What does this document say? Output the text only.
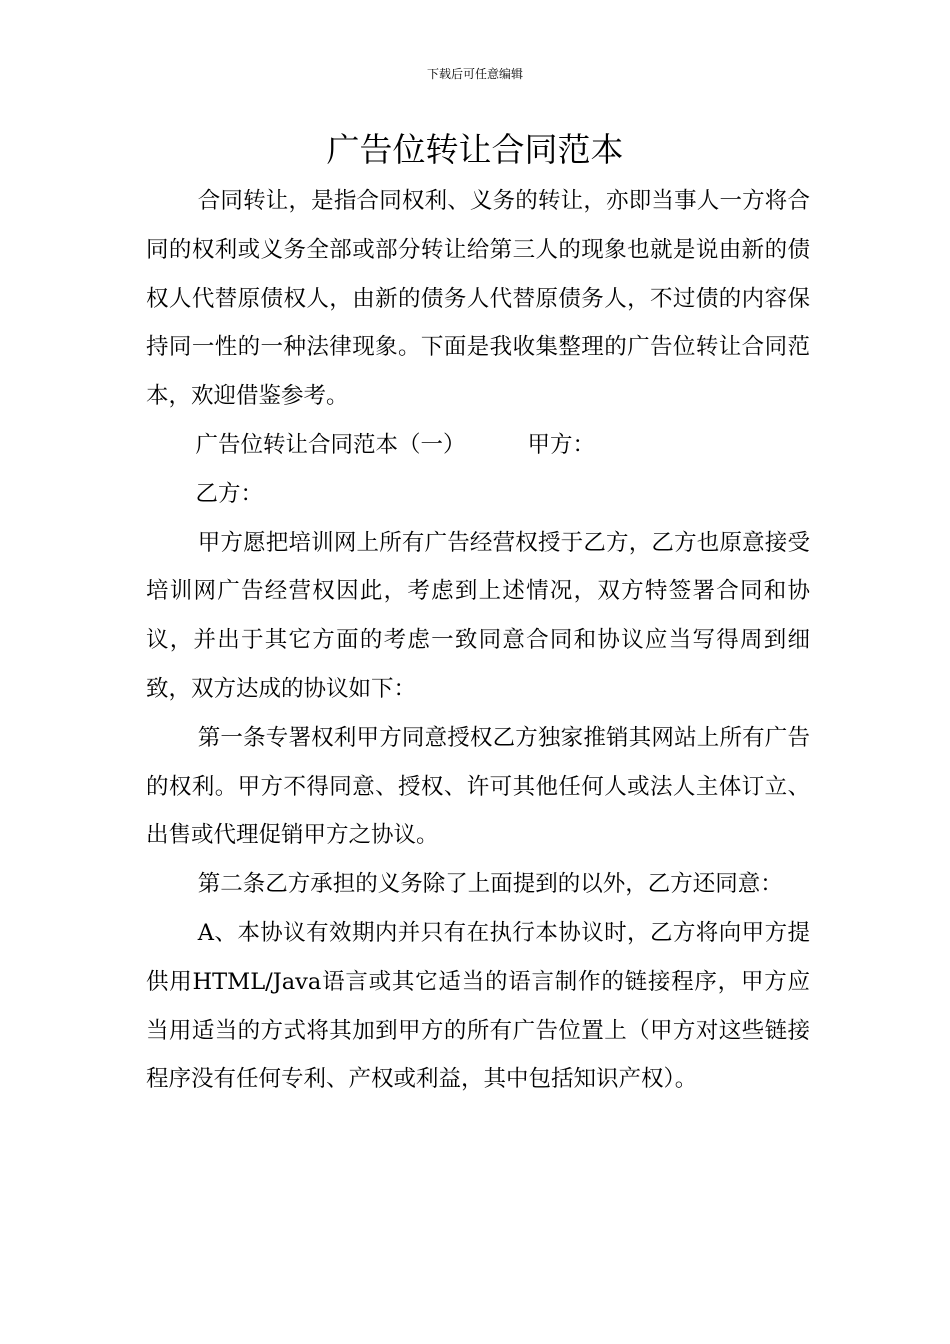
下载后可任意编辑
广告位转让合同范本

合同转让，是指合同权利、义务的转让，亦即当事人一方将合同的权利或义务全部或部分转让给第三人的现象也就是说由新的债权人代替原债权人，由新的债务人代替原债务人，不过债的内容保持同一性的一种法律现象。下面是我收集整理的广告位转让合同范本，欢迎借鉴参考。

广告位转让合同范本（一）	甲方：

乙方：

甲方愿把培训网上所有广告经营权授于乙方，乙方也原意接受培训网广告经营权因此，考虑到上述情况，双方特签署合同和协议，并出于其它方面的考虑一致同意合同和协议应当写得周到细致，双方达成的协议如下：

第一条专署权利甲方同意授权乙方独家推销其网站上所有广告的权利。甲方不得同意、授权、许可其他任何人或法人主体订立、出售或代理促销甲方之协议。

第二条乙方承担的义务除了上面提到的以外，乙方还同意：

A、本协议有效期内并只有在执行本协议时，乙方将向甲方提供用HTML/Java语言或其它适当的语言制作的链接程序，甲方应当用适当的方式将其加到甲方的所有广告位置上（甲方对这些链接程序没有任何专利、产权或利益，其中包括知识产权）。
